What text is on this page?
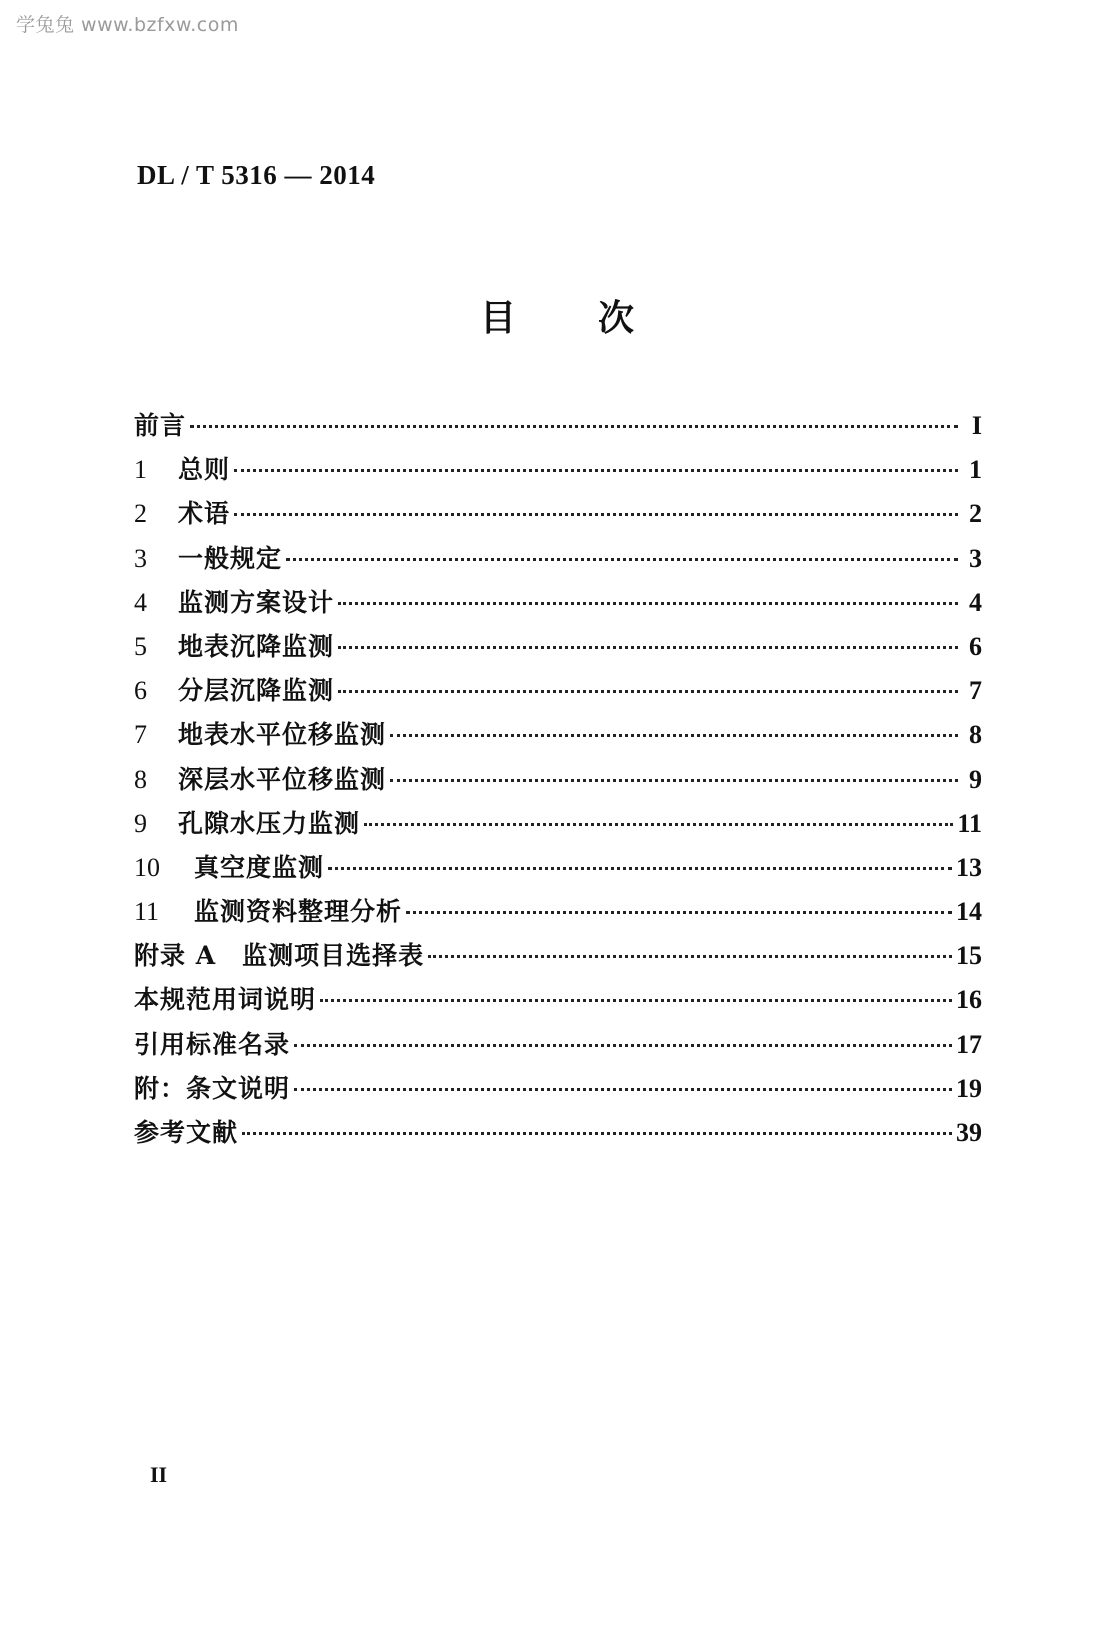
学兔兔 www.bzfxw.com
DL / T 5316 — 2014
目 次
前言	I
1	总则	1
2	术语	2
3	一般规定	3
4	监测方案设计	4
5	地表沉降监测	6
6	分层沉降监测	7
7	地表水平位移监测	8
8	深层水平位移监测	9
9	孔隙水压力监测	11
10	真空度监测	13
11	监测资料整理分析	14
附录 A　监测项目选择表	15
本规范用词说明	16
引用标准名录	17
附：条文说明	19
参考文献	39
II
